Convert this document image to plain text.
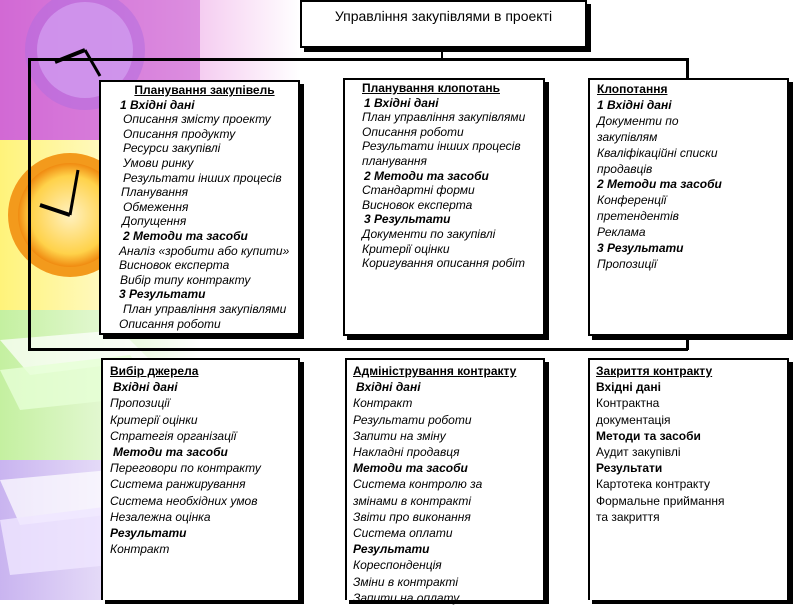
Управління закупівлями в проекті
Планування закупівель
1 Вхідні дані
Описання змісту проекту
Описання продукту
Ресурси закупівлі
Умови ринку
Результати інших процесів
Планування
Обмеження
Допущення
2 Методи та засоби
Аналіз «зробити або купити»
Висновок експерта
Вибір типу контракту
3 Результати
План управління закупівлями
Описання роботи
Планування клопотань
1 Вхідні дані
План управління закупівлями
Описання роботи
Результати інших процесів
планування
2 Методи та засоби
Стандартні форми
Висновок експерта
3 Результати
Документи по закупівлі
Критерії оцінки
Коригування описання робіт
Клопотання
1 Вхідні дані
Документи по
закупівлям
Кваліфікаційні списки
продавців
2 Методи та засоби
Конференції
претендентів
Реклама
3 Результати
Пропозиції
Вибір джерела
Вхідні дані
Пропозиції
Критерії оцінки
Стратегія організації
Методи та засоби
Переговори по контракту
Система ранжирування
Система необхідних умов
Незалежна оцінка
Результати
Контракт
Адміністрування контракту
Вхідні дані
Контракт
Результати роботи
Запити на зміну
Накладні продавця
Методи та засоби
Система контролю за
змінами в контракті
Звіти про виконання
Система оплати
Результати
Кореспонденція
Зміни в контракті
Запити на оплату
Закриття контракту
Вхідні дані
Контрактна
документація
Методи та засоби
Аудит закупівлі
Результати
Картотека контракту
Формальне приймання
та закриття
